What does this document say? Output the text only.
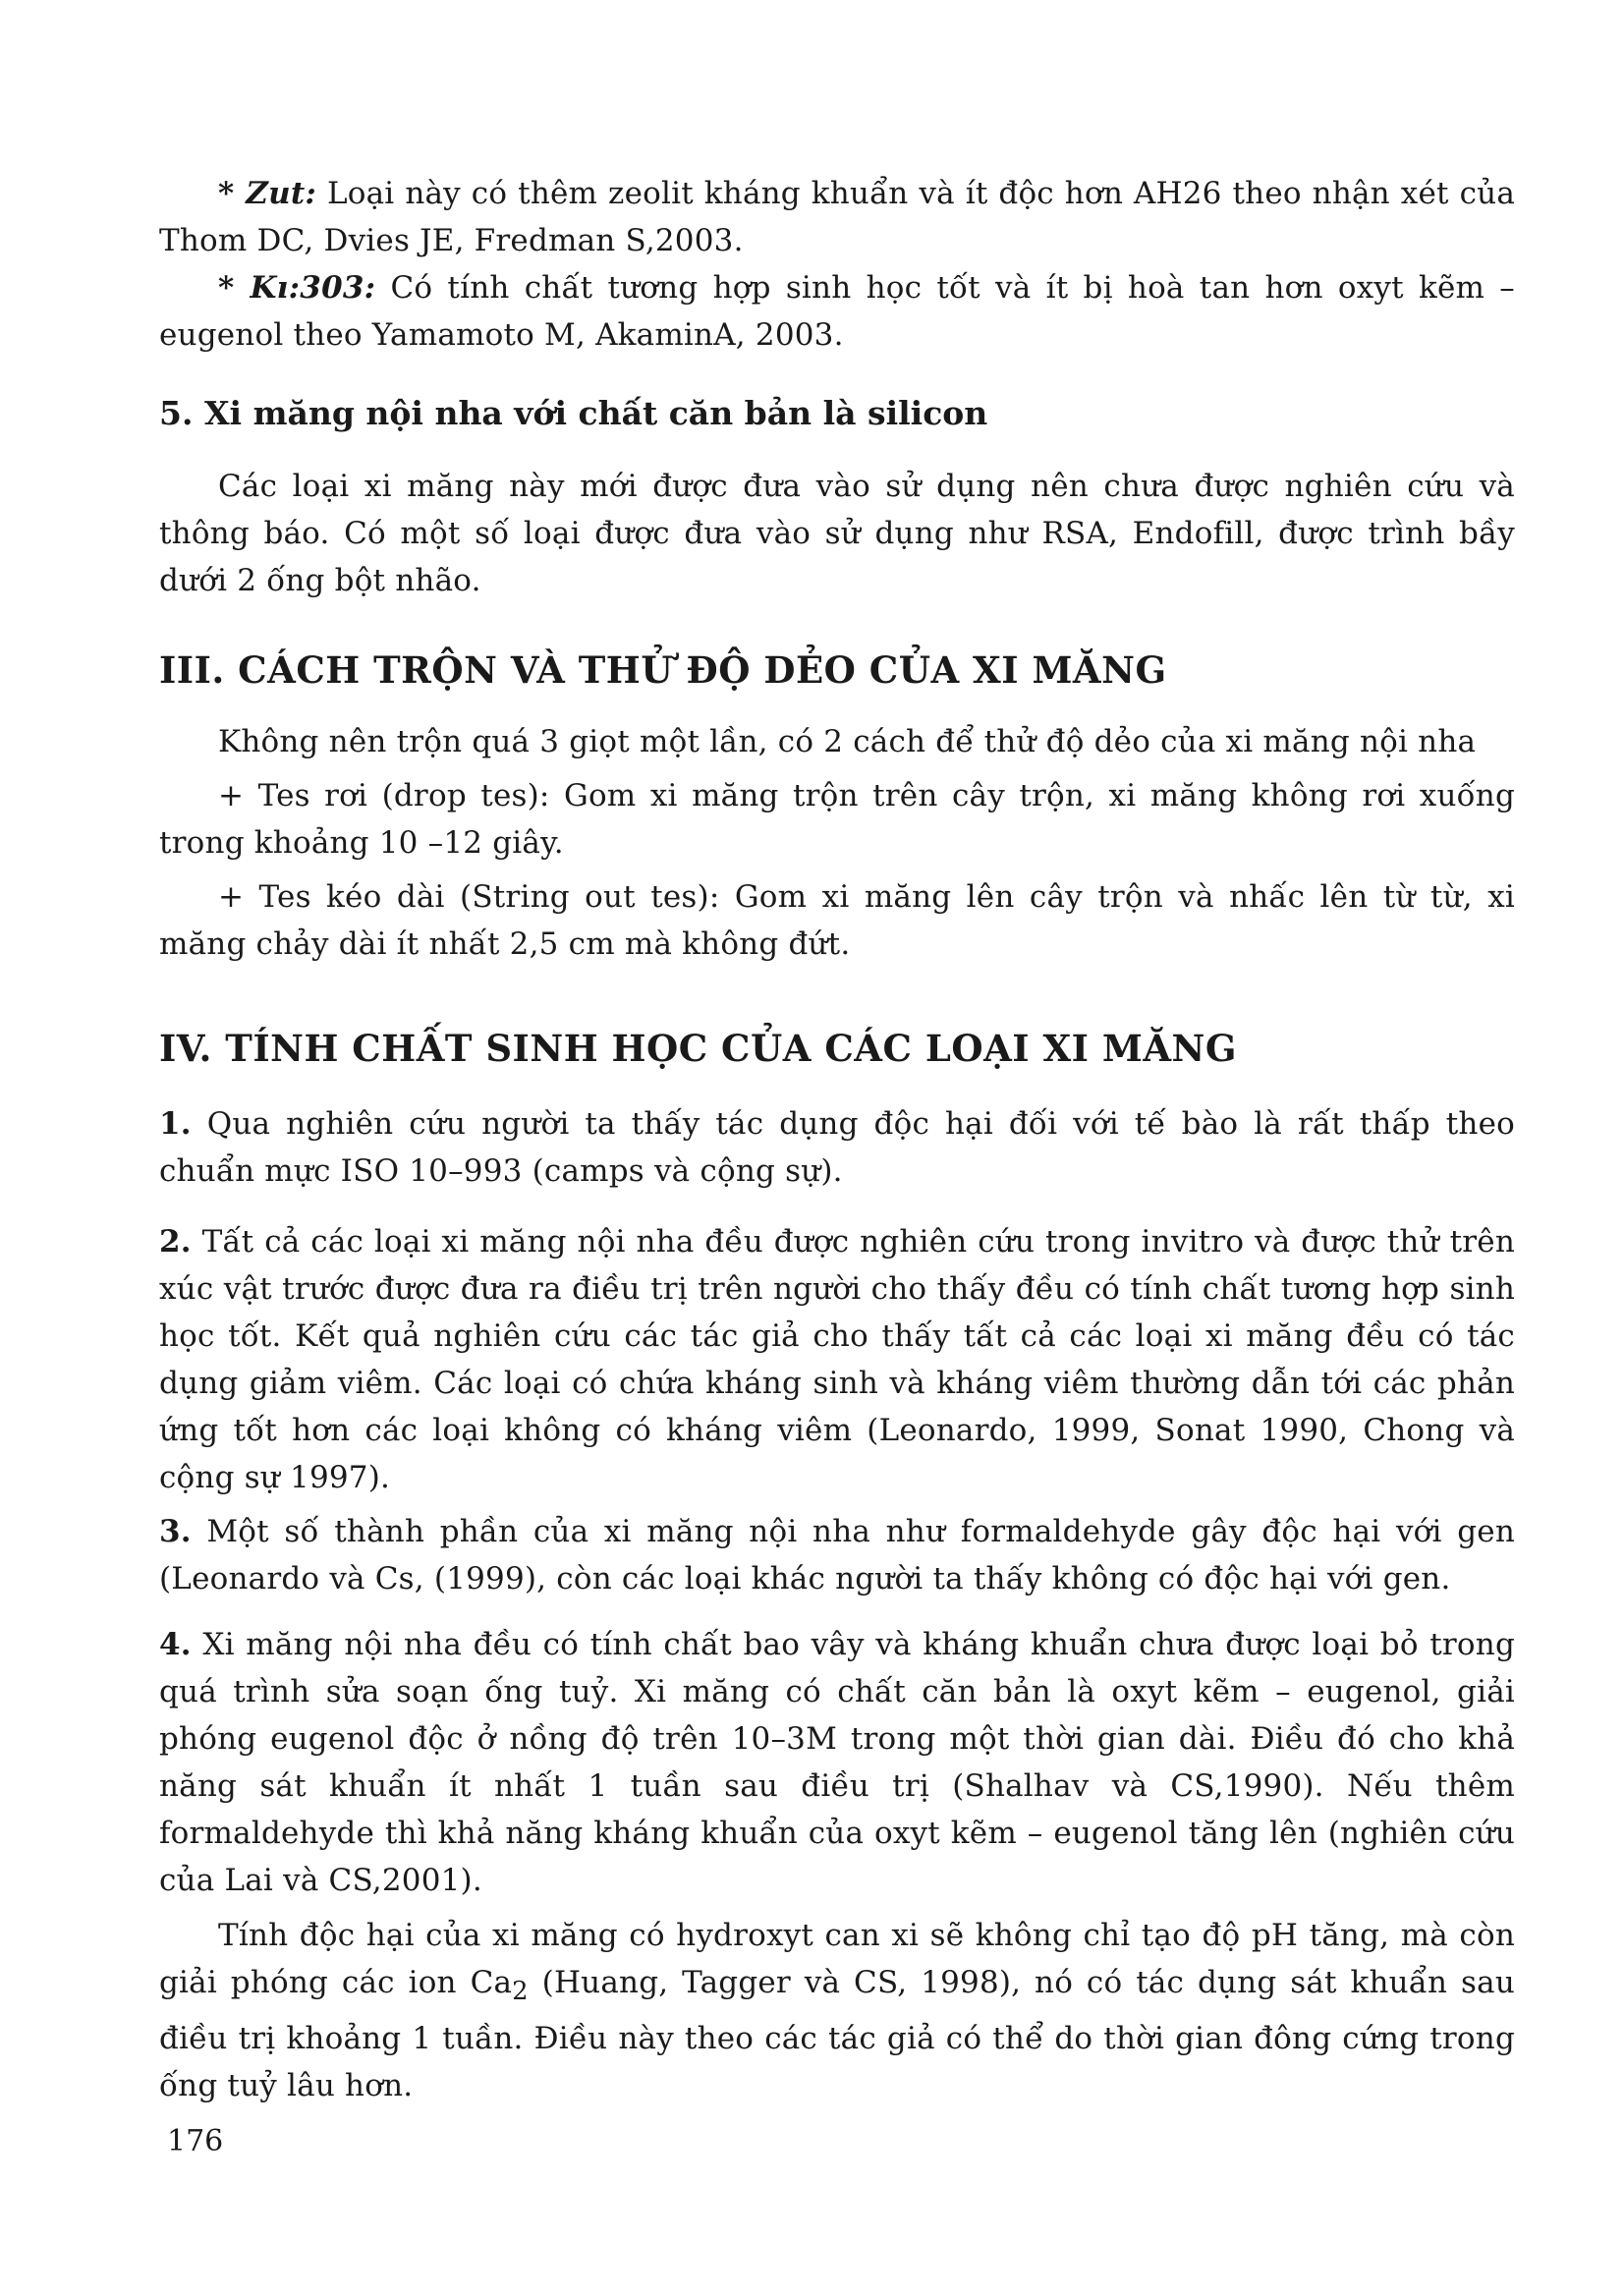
* Zut: Loại này có thêm zeolit kháng khuẩn và ít độc hơn AH26 theo nhận xét của Thom DC, Dvies JE, Fredman S,2003.

* Kı:303: Có tính chất tương hợp sinh học tốt và ít bị hoà tan hơn oxyt kẽm – eugenol theo Yamamoto M, AkaminA, 2003.

5. Xi măng nội nha với chất căn bản là silicon

Các loại xi măng này mới được đưa vào sử dụng nên chưa được nghiên cứu và thông báo. Có một số loại được đưa vào sử dụng như RSA, Endofill, được trình bầy dưới 2 ống bột nhão.

III. CÁCH TRỘN VÀ THỬ ĐỘ DẺO CỦA XI MĂNG

Không nên trộn quá 3 giọt một lần, có 2 cách để thử độ dẻo của xi măng nội nha

+ Tes rơi (drop tes): Gom xi măng trộn trên cây trộn, xi măng không rơi xuống trong khoảng 10 –12 giây.

+ Tes kéo dài (String out tes): Gom xi măng lên cây trộn và nhấc lên từ từ, xi măng chảy dài ít nhất 2,5 cm mà không đứt.

IV. TÍNH CHẤT SINH HỌC CỦA CÁC LOẠI XI MĂNG

1. Qua nghiên cứu người ta thấy tác dụng độc hại đối với tế bào là rất thấp theo chuẩn mực ISO 10–993 (camps và cộng sự).

2. Tất cả các loại xi măng nội nha đều được nghiên cứu trong invitro và được thử trên xúc vật trước được đưa ra điều trị trên người cho thấy đều có tính chất tương hợp sinh học tốt. Kết quả nghiên cứu các tác giả cho thấy tất cả các loại xi măng đều có tác dụng giảm viêm. Các loại có chứa kháng sinh và kháng viêm thường dẫn tới các phản ứng tốt hơn các loại không có kháng viêm (Leonardo, 1999, Sonat 1990, Chong và cộng sự 1997).

3. Một số thành phần của xi măng nội nha như formaldehyde gây độc hại với gen (Leonardo và Cs, (1999), còn các loại khác người ta thấy không có độc hại với gen.

4. Xi măng nội nha đều có tính chất bao vây và kháng khuẩn chưa được loại bỏ trong quá trình sửa soạn ống tuỷ. Xi măng có chất căn bản là oxyt kẽm – eugenol, giải phóng eugenol độc ở nồng độ trên 10–3M trong một thời gian dài. Điều đó cho khả năng sát khuẩn ít nhất 1 tuần sau điều trị (Shalhav và CS,1990). Nếu thêm formaldehyde thì khả năng kháng khuẩn của oxyt kẽm – eugenol tăng lên (nghiên cứu của Lai và CS,2001).

Tính độc hại của xi măng có hydroxyt can xi sẽ không chỉ tạo độ pH tăng, mà còn giải phóng các ion $Ca_2$ (Huang, Tagger và CS, 1998), nó có tác dụng sát khuẩn sau điều trị khoảng 1 tuần. Điều này theo các tác giả có thể do thời gian đông cứng trong ống tuỷ lâu hơn.

176
